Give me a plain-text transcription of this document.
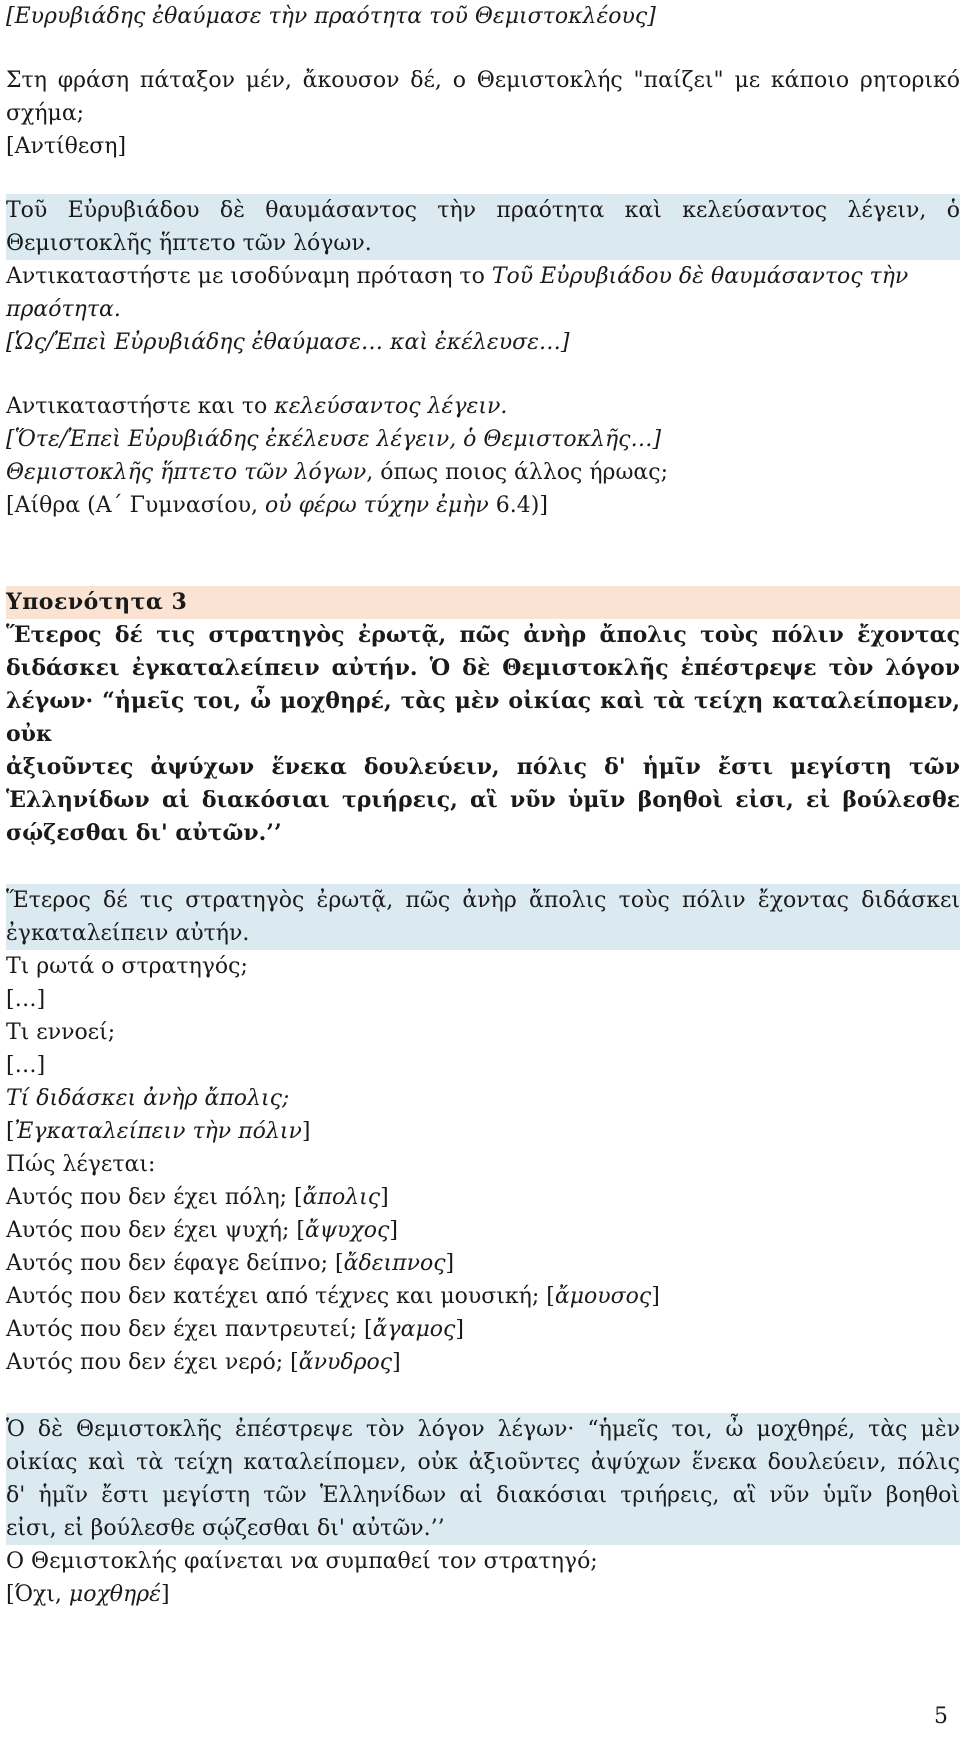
[Ευρυβιάδης ἐθαύμασε τὴν πραότητα τοῦ Θεμιστοκλέους]
Στη φράση πάταξον μέν, ἄκουσον δέ, ο Θεμιστοκλής "παίζει" με κάποιο ρητορικό
σχήμα;
[Αντίθεση]
Τοῦ Εὐρυβιάδου δὲ θαυμάσαντος τὴν πραότητα καὶ κελεύσαντος λέγειν, ὁ
Θεμιστοκλῆς ἥπτετο τῶν λόγων.
Αντικαταστήστε με ισοδύναμη πρόταση το Τοῦ Εὐρυβιάδου δὲ θαυμάσαντος τὴν
πραότητα.
[Ὡς/Ἐπεὶ Εὐρυβιάδης ἐθαύμασε… καὶ ἐκέλευσε…]
Αντικαταστήστε και το κελεύσαντος λέγειν.
[Ὅτε/Ἐπεὶ Εὐρυβιάδης ἐκέλευσε λέγειν, ὁ Θεμιστοκλῆς…]
Θεμιστοκλῆς ἥπτετο τῶν λόγων, όπως ποιος άλλος ήρωας;
[Αίθρα (Α΄ Γυμνασίου, οὐ φέρω τύχην ἐμὴν 6.4)]
Υποενότητα 3
Ἕτερος δέ τις στρατηγὸς ἐρωτᾷ, πῶς ἀνὴρ ἄπολις τοὺς πόλιν ἔχοντας
διδάσκει ἐγκαταλείπειν αὐτήν. Ὁ δὲ Θεμιστοκλῆς ἐπέστρεψε τὸν λόγον
λέγων· “ἡμεῖς τοι, ὦ μοχθηρέ, τὰς μὲν οἰκίας καὶ τὰ τείχη καταλείπομεν, οὐκ
ἀξιοῦντες ἀψύχων ἕνεκα δουλεύειν, πόλις δ' ἡμῖν ἔστι μεγίστη τῶν
Ἑλληνίδων αἱ διακόσιαι τριήρεις, αἳ νῦν ὑμῖν βοηθοὶ εἰσι, εἰ βούλεσθε
σῴζεσθαι δι' αὐτῶν.’’
Ἕτερος δέ τις στρατηγὸς ἐρωτᾷ, πῶς ἀνὴρ ἄπολις τοὺς πόλιν ἔχοντας διδάσκει
ἐγκαταλείπειν αὐτήν.
Τι ρωτά ο στρατηγός;
[…]
Τι εννοεί;
[…]
Τί διδάσκει ἀνὴρ ἄπολις;
[Ἐγκαταλείπειν τὴν πόλιν]
Πώς λέγεται:
Αυτός που δεν έχει πόλη; [ἄπολις]
Αυτός που δεν έχει ψυχή; [ἄψυχος]
Αυτός που δεν έφαγε δείπνο; [ἄδειπνος]
Αυτός που δεν κατέχει από τέχνες και μουσική; [ἄμουσος]
Αυτός που δεν έχει παντρευτεί; [ἄγαμος]
Αυτός που δεν έχει νερό; [ἄνυδρος]
Ὁ δὲ Θεμιστοκλῆς ἐπέστρεψε τὸν λόγον λέγων· “ἡμεῖς τοι, ὦ μοχθηρέ, τὰς μὲν
οἰκίας καὶ τὰ τείχη καταλείπομεν, οὐκ ἀξιοῦντες ἀψύχων ἕνεκα δουλεύειν, πόλις
δ' ἡμῖν ἔστι μεγίστη τῶν Ἑλληνίδων αἱ διακόσιαι τριήρεις, αἳ νῦν ὑμῖν βοηθοὶ
εἰσι, εἰ βούλεσθε σῴζεσθαι δι' αὐτῶν.’’
Ο Θεμιστοκλής φαίνεται να συμπαθεί τον στρατηγό;
[Όχι, μοχθηρέ]
5
